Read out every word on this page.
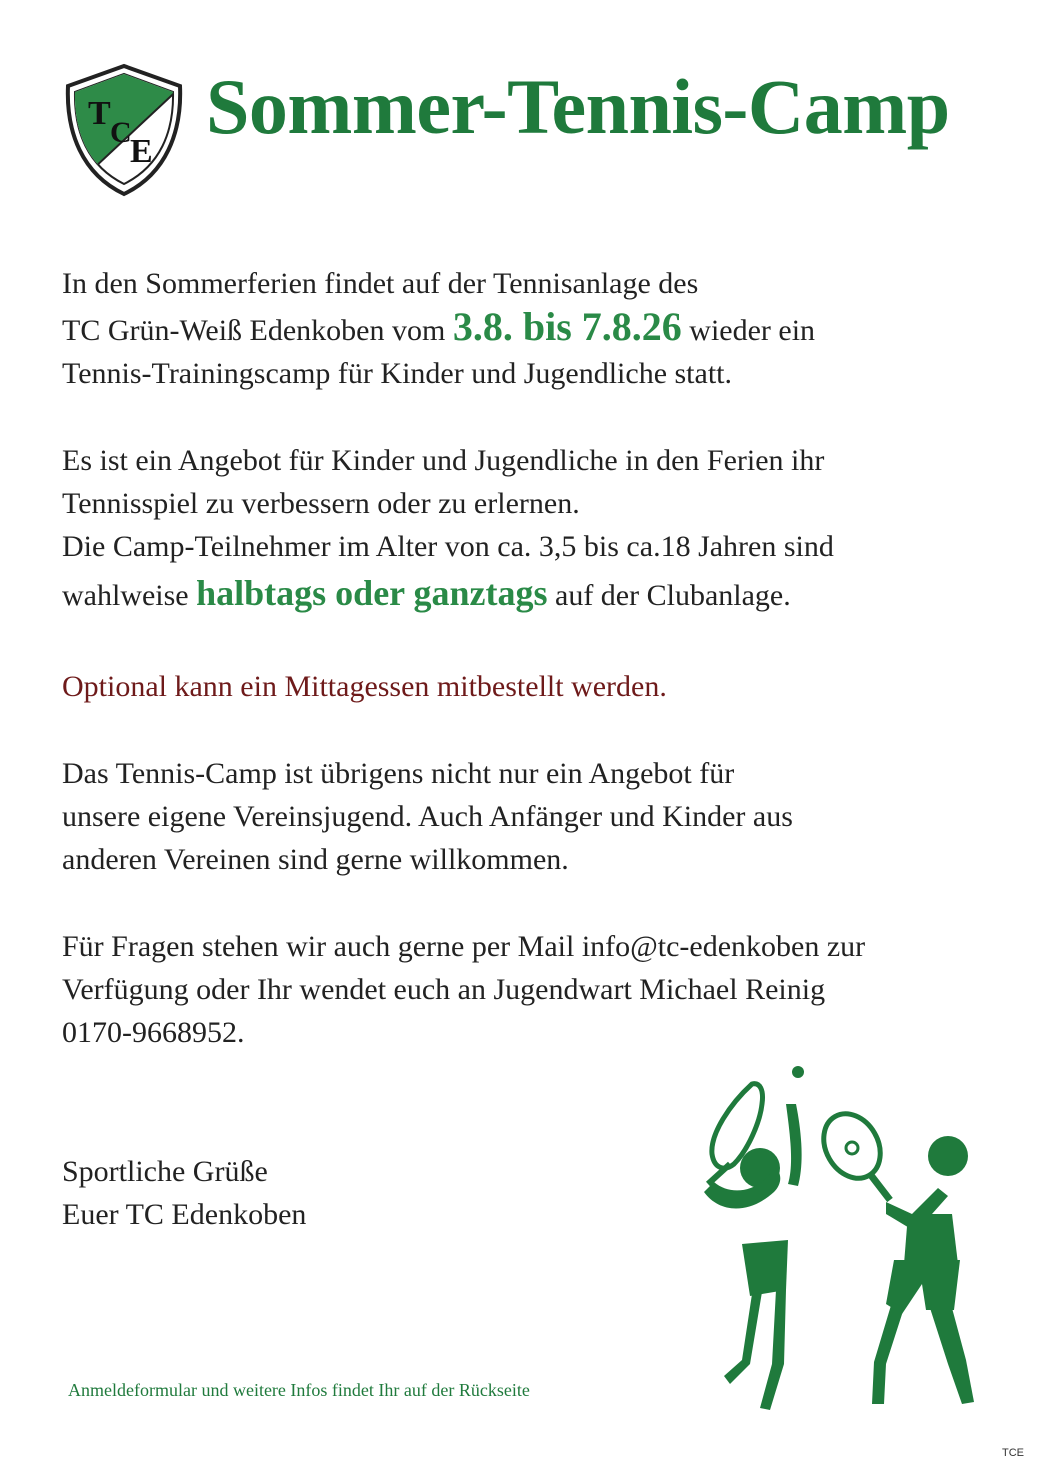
T
C
E
Sommer-Tennis-Camp

In den Sommerferien findet auf der Tennisanlage des

TC Grün-Weiß Edenkoben vom 3.8. bis 7.8.26 wieder ein

Tennis-Trainingscamp für Kinder und Jugendliche statt.

Es ist ein Angebot für Kinder und Jugendliche in den Ferien ihr

Tennisspiel zu verbessern oder zu erlernen.

Die Camp-Teilnehmer im Alter von ca. 3,5 bis ca.18 Jahren sind

wahlweise halbtags oder ganztags auf der Clubanlage.

Optional kann ein Mittagessen mitbestellt werden.

Das Tennis-Camp ist übrigens nicht nur ein Angebot für

unsere eigene Vereinsjugend. Auch Anfänger und Kinder aus

anderen Vereinen sind gerne willkommen.

Für Fragen stehen wir auch gerne per Mail info@tc-edenkoben zur

Verfügung oder Ihr wendet euch an Jugendwart Michael Reinig

0170-9668952.

Sportliche Grüße

Euer TC Edenkoben

Anmeldeformular und weitere Infos findet Ihr auf der Rückseite
TCE
